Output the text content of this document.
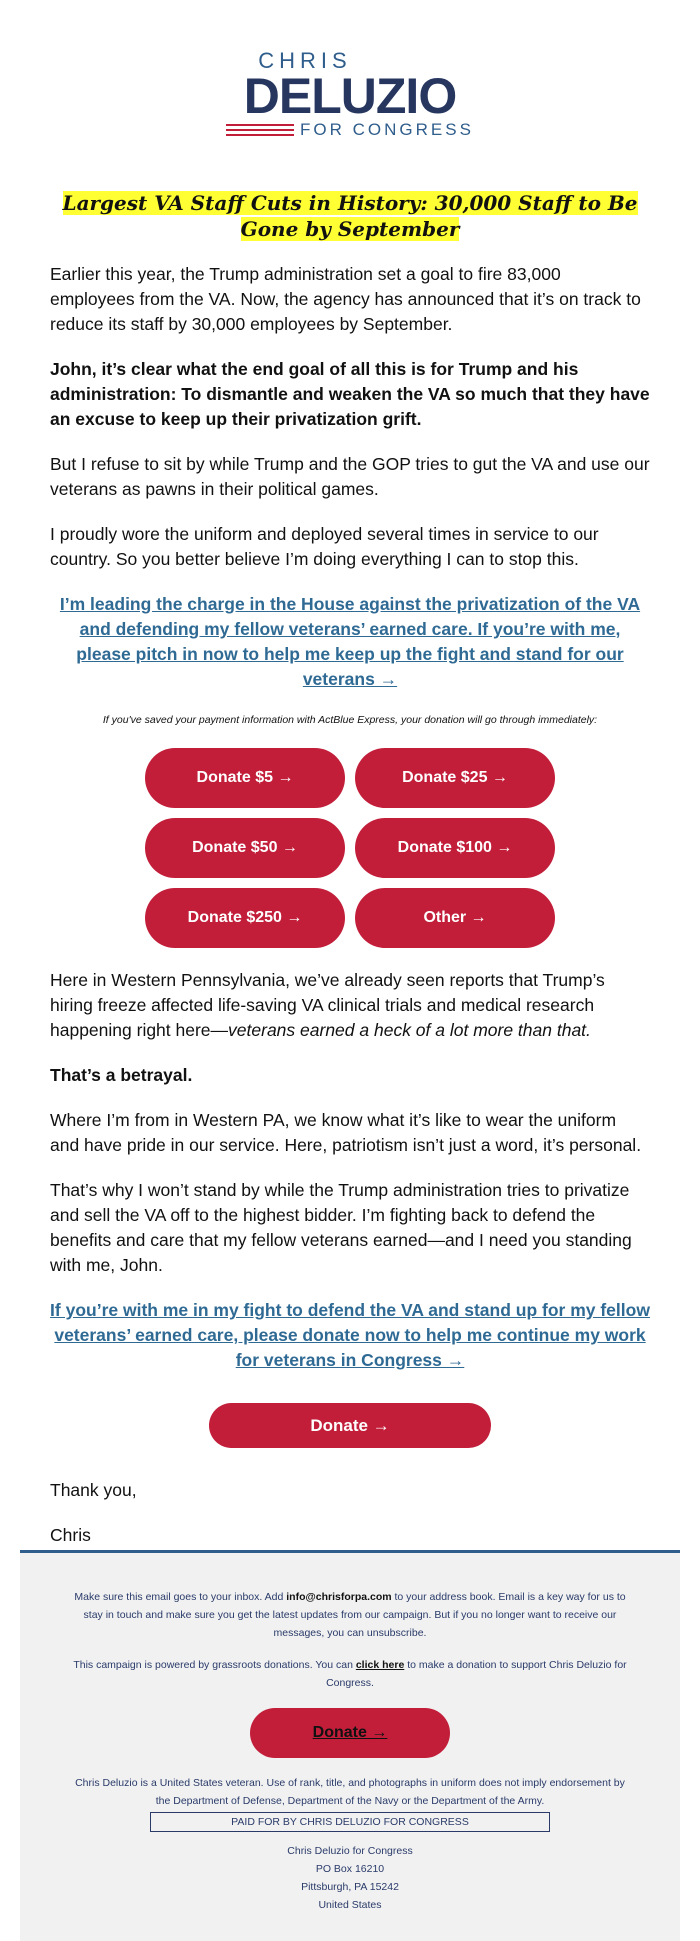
CHRIS
DELUZIO
FOR CONGRESS
Largest VA Staff Cuts in History: 30,000 Staff to Be Gone by September

Earlier this year, the Trump administration set a goal to fire 83,000 employees from the VA. Now, the agency has announced that it’s on track to reduce its staff by 30,000 employees by September.

John, it’s clear what the end goal of all this is for Trump and his administration: To dismantle and weaken the VA so much that they have an excuse to keep up their privatization grift.

But I refuse to sit by while Trump and the GOP tries to gut the VA and use our veterans as pawns in their political games.

I proudly wore the uniform and deployed several times in service to our country. So you better believe I’m doing everything I can to stop this.

I’m leading the charge in the House against the privatization of the VA and defending my fellow veterans’ earned care. If you’re with me, please pitch in now to help me keep up the fight and stand for our veterans →

If you've saved your payment information with ActBlue Express, your donation will go through immediately:

Donate $5 →	Donate $25 →
Donate $50 →	Donate $100 →
Donate $250 →	Other →

Here in Western Pennsylvania, we’ve already seen reports that Trump’s hiring freeze affected life-saving VA clinical trials and medical research happening right here—veterans earned a heck of a lot more than that.

That’s a betrayal.

Where I’m from in Western PA, we know what it’s like to wear the uniform and have pride in our service. Here, patriotism isn’t just a word, it’s personal.

That’s why I won’t stand by while the Trump administration tries to privatize and sell the VA off to the highest bidder. I’m fighting back to defend the benefits and care that my fellow veterans earned—and I need you standing with me, John.

If you’re with me in my fight to defend the VA and stand up for my fellow veterans’ earned care, please donate now to help me continue my work for veterans in Congress →
Donate →

Thank you,

Chris

Make sure this email goes to your inbox. Add info@chrisforpa.com to your address book. Email is a key way for us to stay in touch and make sure you get the latest updates from our campaign. But if you no longer want to receive our messages, you can unsubscribe.

This campaign is powered by grassroots donations. You can click here to make a donation to support Chris Deluzio for Congress.

Donate →

Chris Deluzio is a United States veteran. Use of rank, title, and photographs in uniform does not imply endorsement by the Department of Defense, Department of the Navy or the Department of the Army.

PAID FOR BY CHRIS DELUZIO FOR CONGRESS
Chris Deluzio for Congress
PO Box 16210
Pittsburgh, PA 15242
United States
